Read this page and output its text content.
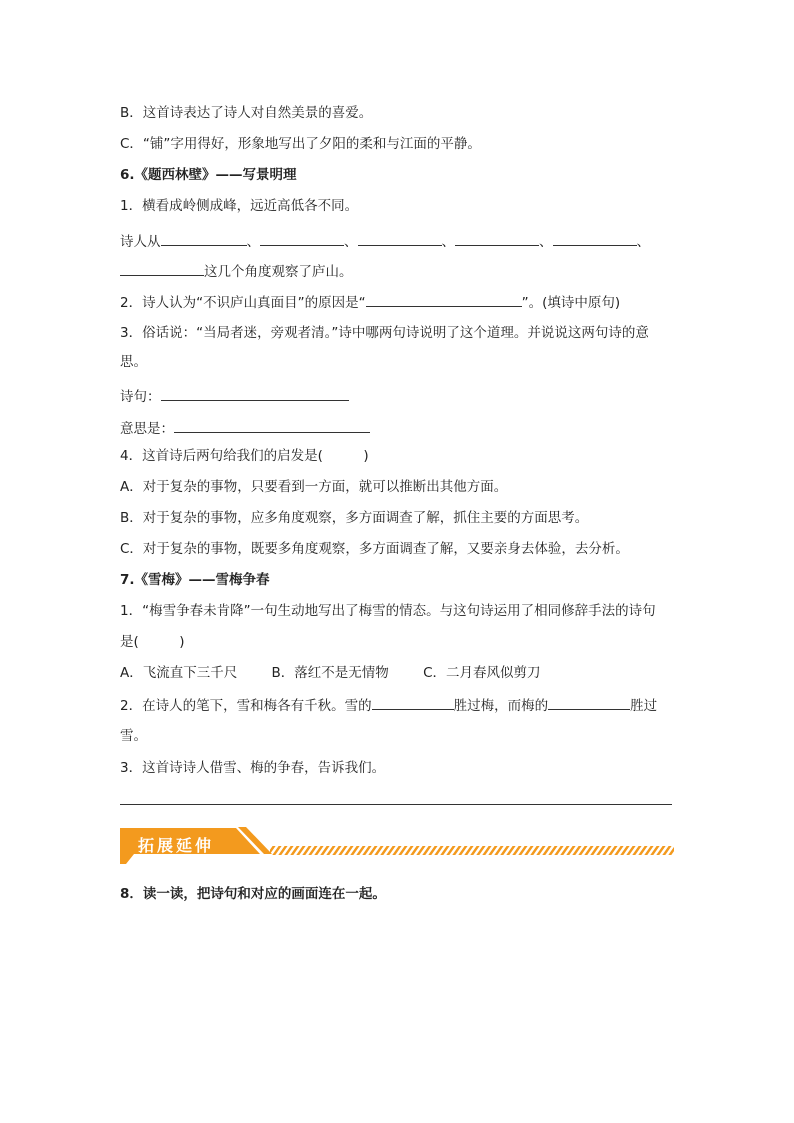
B．这首诗表达了诗人对自然美景的喜爱。
C．“铺”字用得好，形象地写出了夕阳的柔和与江面的平静。
6.《题西林壁》——写景明理
1．横看成岭侧成峰，远近高低各不同。
诗人从	、	、	、	、	、
这几个角度观察了庐山。
2．诗人认为“不识庐山真面目”的原因是“	”。(填诗中原句)
3．俗话说：“当局者迷，旁观者清。”诗中哪两句诗说明了这个道理。并说说这两句诗的意
思。
诗句：
意思是：
4．这首诗后两句给我们的启发是(　　　)
A．对于复杂的事物，只要看到一方面，就可以推断出其他方面。
B．对于复杂的事物，应多角度观察，多方面调查了解，抓住主要的方面思考。
C．对于复杂的事物，既要多角度观察，多方面调查了解，又要亲身去体验，去分析。
7.《雪梅》——雪梅争春
1．“梅雪争春未肯降”一句生动地写出了梅雪的情态。与这句诗运用了相同修辞手法的诗句
是(　　　)
A．飞流直下三千尺	B．落红不是无情物	C．二月春风似剪刀
2．在诗人的笔下，雪和梅各有千秋。雪的	胜过梅，而梅的	胜过
雪。
3．这首诗诗人借雪、梅的争春，告诉我们。
拓展延伸
8．读一读，把诗句和对应的画面连在一起。
